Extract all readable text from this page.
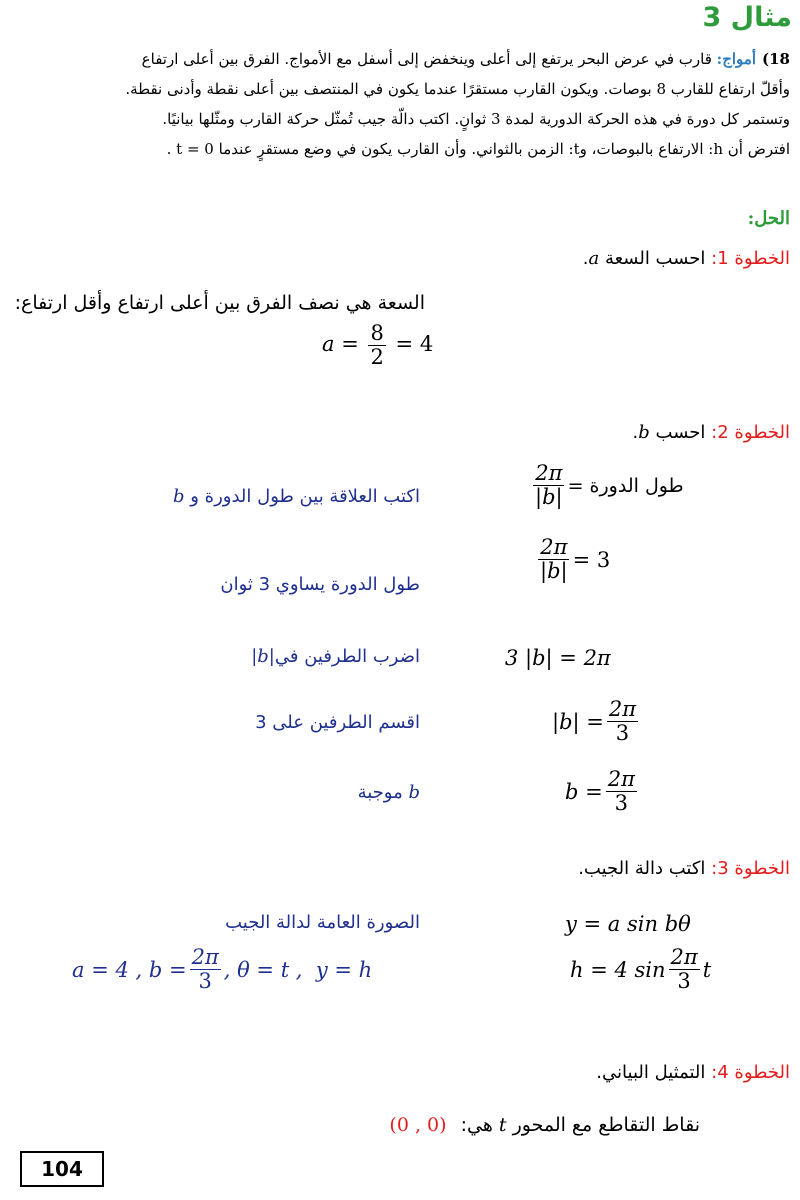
مثال 3

18)أمواج: قارب في عرض البحر يرتفع إلى أعلى وينخفض إلى أسفل مع الأمواج. الفرق بين أعلى ارتفاع

وأقلّ ارتفاع للقارب 8 بوصات. ويكون القارب مستقرًا عندما يكون في المنتصف بين أعلى نقطة وأدنى نقطة.

وتستمر كل دورة في هذه الحركة الدورية لمدة 3 ثوانٍ. اكتب دالّة جيب تُمثّل حركة القارب ومثّلها بيانيًا.

افترض أن h: الارتفاع بالبوصات، وt: الزمن بالثواني. وأن القارب يكون في وضع مستقرٍ عندما t = 0 .

الحل:
الخطوة 1: احسب السعة a.
السعة هي نصف الفرق بين أعلى ارتفاع وأقل ارتفاع:
$a = \frac{8}{2} = 4$
الخطوة 2: احسب b.
$\frac{2\pi}{|b|}$ طول الدورة =
اكتب العلاقة بين طول الدورة و b
$\frac{2\pi}{|b|} = 3$
طول الدورة يساوي 3 ثوان
3 |b| = 2π
اضرب الطرفين في|b|
$|b| = \frac{2\pi}{3}$
اقسم الطرفين على 3
$b = \frac{2\pi}{3}$
b موجبة
الخطوة 3: اكتب دالة الجيب.
y = a sin bθ
الصورة العامة لدالة الجيب
h = 4 $\sin \frac{2\pi}{3}$ t
a = 4 , $b = \frac{2\pi}{3}$ , θ = t ,  y = h
الخطوة 4: التمثيل البياني.
نقاط التقاطع مع المحور t هي: (0 , 0)
104
